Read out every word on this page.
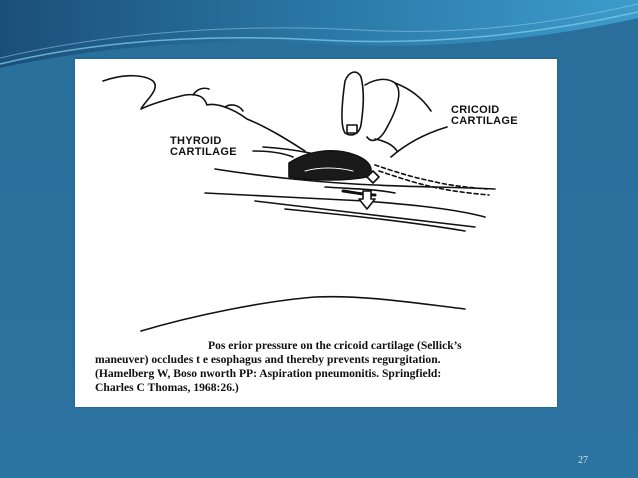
THYROID
CARTILAGE
CRICOID
CARTILAGE
Pos erior pressure on the cricoid cartilage (Sellick’s
maneuver) occludes t e esophagus and thereby prevents regurgitation.
(Hamelberg W, Boso nworth PP: Aspiration pneumonitis. Springfield:
Charles C Thomas, 1968:26.)
27
